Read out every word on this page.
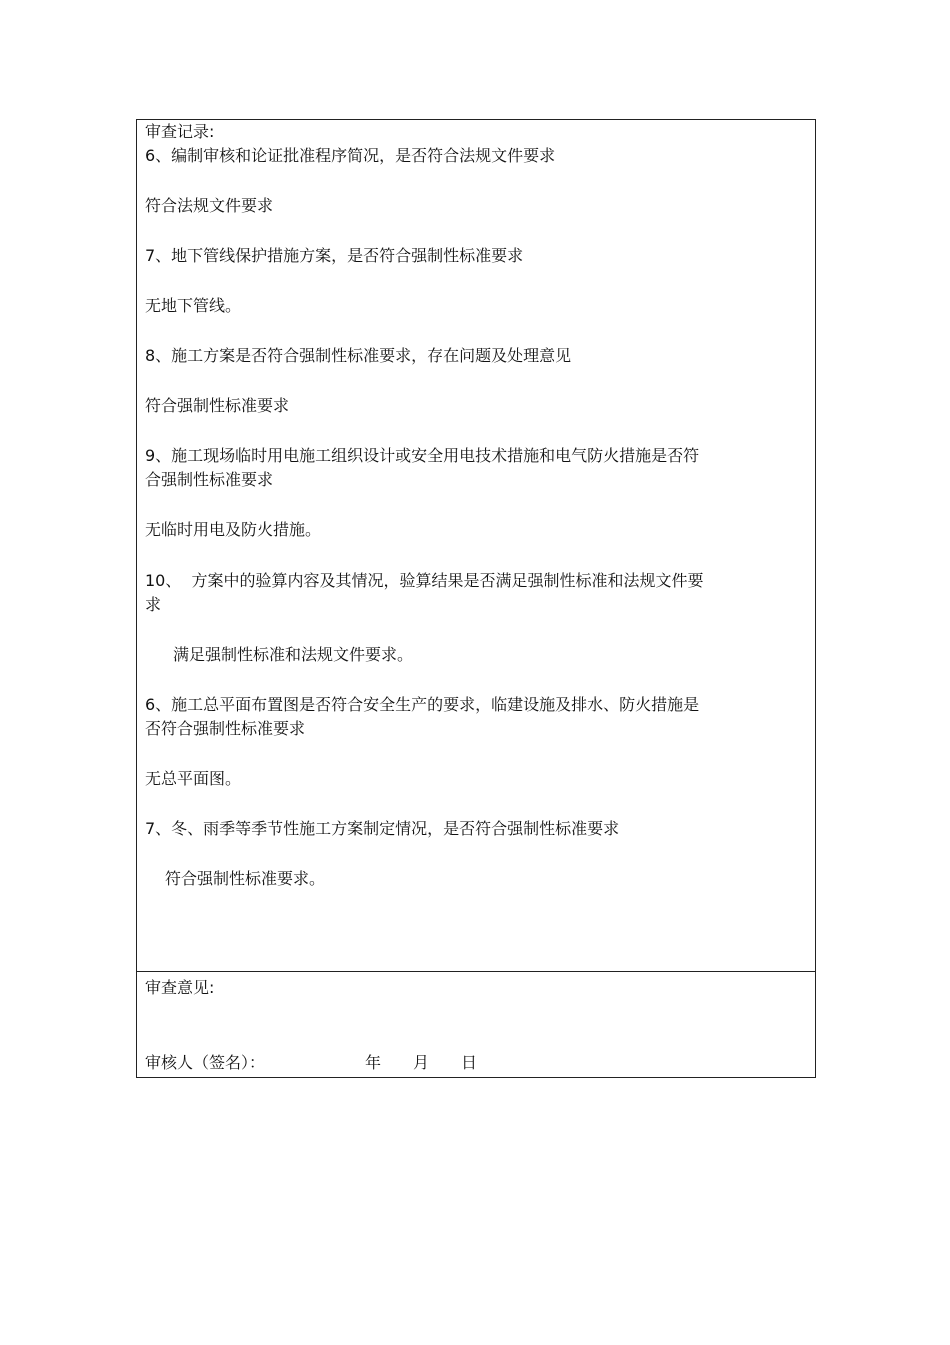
审查记录:
6、编制审核和论证批准程序简况，是否符合法规文件要求
符合法规文件要求
7、地下管线保护措施方案，是否符合强制性标准要求
无地下管线。
8、施工方案是否符合强制性标准要求，存在问题及处理意见
符合强制性标准要求
9、施工现场临时用电施工组织设计或安全用电技术措施和电气防火措施是否符
合强制性标准要求
无临时用电及防火措施。
10、  方案中的验算内容及其情况，验算结果是否满足强制性标准和法规文件要
求
满足强制性标准和法规文件要求。
6、施工总平面布置图是否符合安全生产的要求，临建设施及排水、防火措施是
否符合强制性标准要求
无总平面图。
7、冬、雨季等季节性施工方案制定情况，是否符合强制性标准要求
符合强制性标准要求。
审查意见:
审核人（签名）：	年 月 日
